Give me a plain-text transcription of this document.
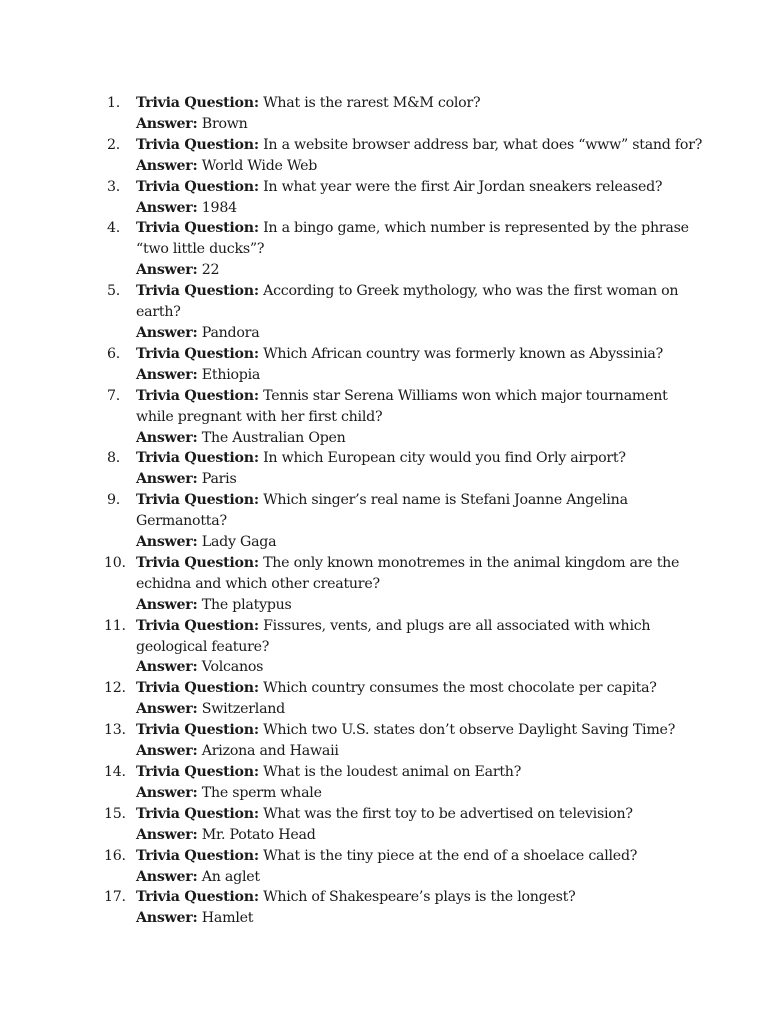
1.	Trivia Question: What is the rarest M&M color?
Answer: Brown
2.	Trivia Question: In a website browser address bar, what does “www” stand for?
Answer: World Wide Web
3.	Trivia Question: In what year were the first Air Jordan sneakers released?
Answer: 1984
4.	Trivia Question: In a bingo game, which number is represented by the phrase “two little ducks”?
Answer: 22
5.	Trivia Question: According to Greek mythology, who was the first woman on earth?
Answer: Pandora
6.	Trivia Question: Which African country was formerly known as Abyssinia?
Answer: Ethiopia
7.	Trivia Question: Tennis star Serena Williams won which major tournament while pregnant with her first child?
Answer: The Australian Open
8.	Trivia Question: In which European city would you find Orly airport?
Answer: Paris
9.	Trivia Question: Which singer’s real name is Stefani Joanne Angelina Germanotta?
Answer: Lady Gaga
10. Trivia Question: The only known monotremes in the animal kingdom are the echidna and which other creature?
Answer: The platypus
11. Trivia Question: Fissures, vents, and plugs are all associated with which geological feature?
Answer: Volcanos
12. Trivia Question: Which country consumes the most chocolate per capita?
Answer: Switzerland
13. Trivia Question: Which two U.S. states don’t observe Daylight Saving Time?
Answer: Arizona and Hawaii
14. Trivia Question: What is the loudest animal on Earth?
Answer: The sperm whale
15. Trivia Question: What was the first toy to be advertised on television?
Answer: Mr. Potato Head
16. Trivia Question: What is the tiny piece at the end of a shoelace called?
Answer: An aglet
17. Trivia Question: Which of Shakespeare’s plays is the longest?
Answer: Hamlet
